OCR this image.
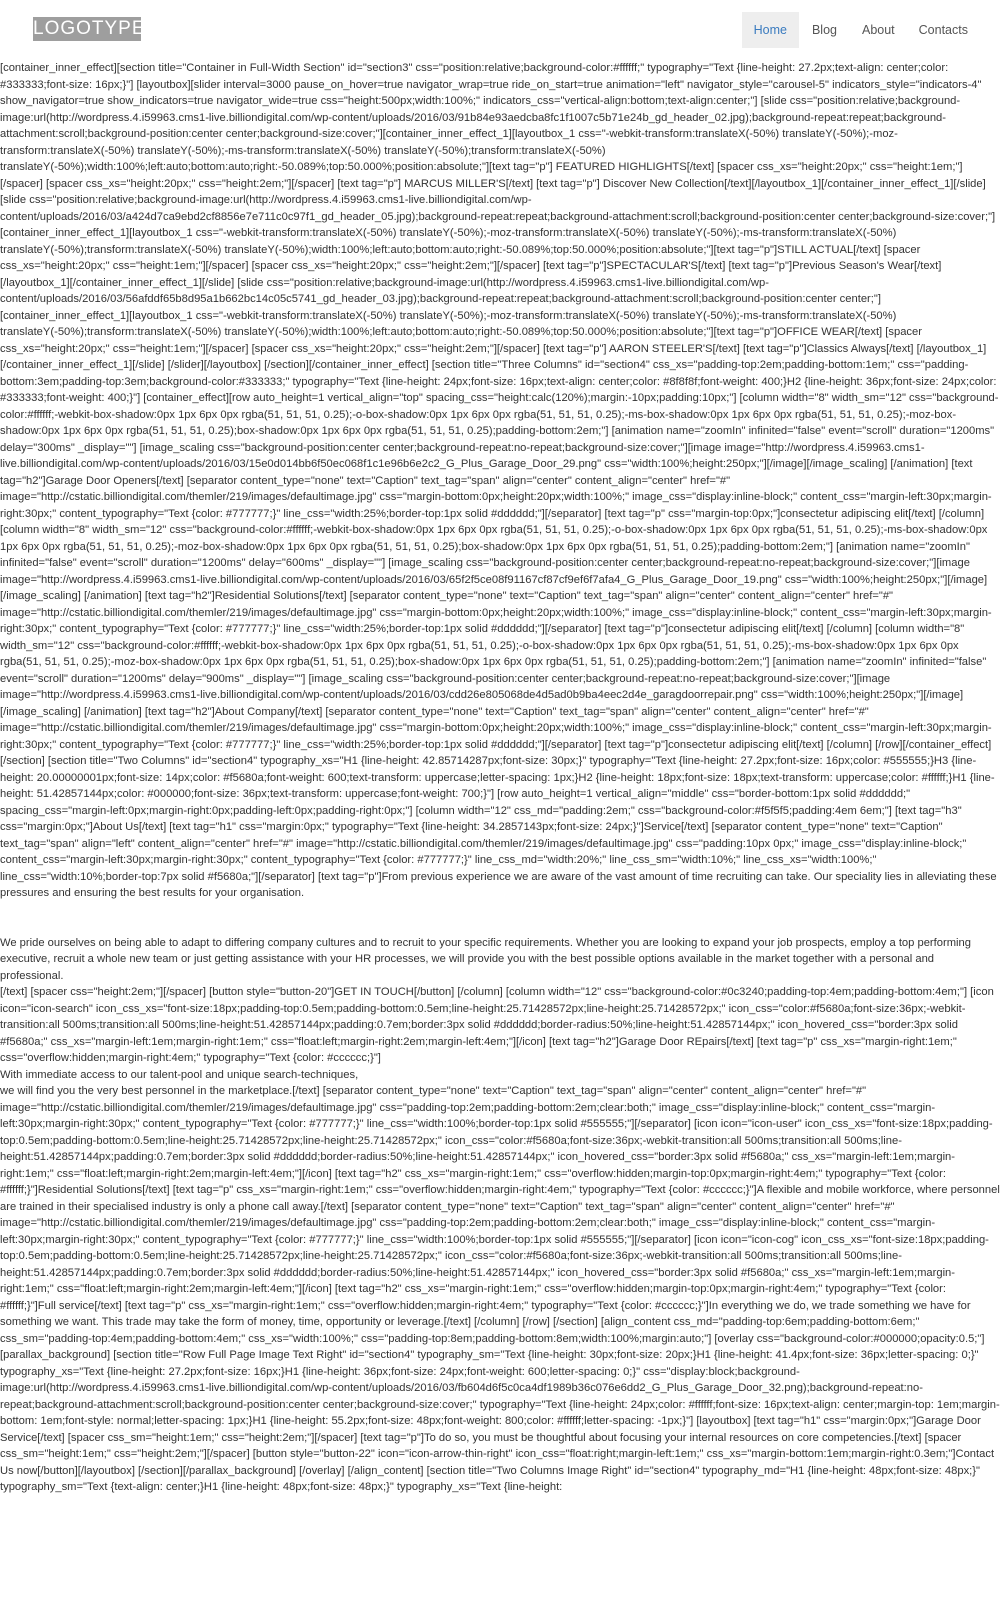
LOGOTYPE	Home	Blog	About	Contacts

[container_inner_effect][section title="Container in Full-Width Section" id="section3" css="position:relative;background-color:#ffffff;" typography="Text {line-height: 27.2px;text-align: center;color: #333333;font-size: 16px;}"] [layoutbox][slider interval=3000 pause_on_hover=true navigator_wrap=true ride_on_start=true animation="left" navigator_style="carousel-5" indicators_style="indicators-4" show_navigator=true show_indicators=true navigator_wide=true css="height:500px;width:100%;" indicators_css="vertical-align:bottom;text-align:center;"] [slide css="position:relative;background-image:url(http://wordpress.4.i59963.cms1-live.billiondigital.com/wp-content/uploads/2016/03/91b84e93aedcba8fc1f1007c5b71e24b_gd_header_02.jpg);background-repeat:repeat;background-attachment:scroll;background-position:center center;background-size:cover;"][container_inner_effect_1][layoutbox_1 css="-webkit-transform:translateX(-50%) translateY(-50%);-moz-transform:translateX(-50%) translateY(-50%);-ms-transform:translateX(-50%) translateY(-50%);transform:translateX(-50%) translateY(-50%);width:100%;left:auto;bottom:auto;right:-50.089%;top:50.000%;position:absolute;"][text tag="p"] FEATURED HIGHLIGHTS[/text] [spacer css_xs="height:20px;" css="height:1em;"][/spacer] [spacer css_xs="height:20px;" css="height:2em;"][/spacer] [text tag="p"] MARCUS MILLER'S[/text] [text tag="p"] Discover New Collection[/text][/layoutbox_1][/container_inner_effect_1][/slide] [slide css="position:relative;background-image:url(http://wordpress.4.i59963.cms1-live.billiondigital.com/wp-content/uploads/2016/03/a424d7ca9ebd2cf8856e7e711c0c97f1_gd_header_05.jpg);background-repeat:repeat;background-attachment:scroll;background-position:center center;background-size:cover;"][container_inner_effect_1][layoutbox_1 css="-webkit-transform:translateX(-50%) translateY(-50%);-moz-transform:translateX(-50%) translateY(-50%);-ms-transform:translateX(-50%) translateY(-50%);transform:translateX(-50%) translateY(-50%);width:100%;left:auto;bottom:auto;right:-50.089%;top:50.000%;position:absolute;"][text tag="p"]STILL ACTUAL[/text] [spacer css_xs="height:20px;" css="height:1em;"][/spacer] [spacer css_xs="height:20px;" css="height:2em;"][/spacer] [text tag="p"]SPECTACULAR'S[/text] [text tag="p"]Previous Season's Wear[/text][/layoutbox_1][/container_inner_effect_1][/slide] [slide css="position:relative;background-image:url(http://wordpress.4.i59963.cms1-live.billiondigital.com/wp-content/uploads/2016/03/56afddf65b8d95a1b662bc14c05c5741_gd_header_03.jpg);background-repeat:repeat;background-attachment:scroll;background-position:center center;"] [container_inner_effect_1][layoutbox_1 css="-webkit-transform:translateX(-50%) translateY(-50%);-moz-transform:translateX(-50%) translateY(-50%);-ms-transform:translateX(-50%) translateY(-50%);transform:translateX(-50%) translateY(-50%);width:100%;left:auto;bottom:auto;right:-50.089%;top:50.000%;position:absolute;"][text tag="p"]OFFICE WEAR[/text] [spacer css_xs="height:20px;" css="height:1em;"][/spacer] [spacer css_xs="height:20px;" css="height:2em;"][/spacer] [text tag="p"] AARON STEELER'S[/text] [text tag="p"]Classics Always[/text] [/layoutbox_1][/container_inner_effect_1][/slide] [/slider][/layoutbox] [/section][/container_inner_effect] [section title="Three Columns" id="section4" css_xs="padding-top:2em;padding-bottom:1em;" css="padding-bottom:3em;padding-top:3em;background-color:#333333;" typography="Text {line-height: 24px;font-size: 16px;text-align: center;color: #8f8f8f;font-weight: 400;}H2 {line-height: 36px;font-size: 24px;color: #333333;font-weight: 400;}"] [container_effect][row auto_height=1 vertical_align="top" spacing_css="height:calc(120%);margin:-10px;padding:10px;"] [column width="8" width_sm="12" css="background-color:#ffffff;-webkit-box-shadow:0px 1px 6px 0px rgba(51, 51, 51, 0.25);-o-box-shadow:0px 1px 6px 0px rgba(51, 51, 51, 0.25);-ms-box-shadow:0px 1px 6px 0px rgba(51, 51, 51, 0.25);-moz-box-shadow:0px 1px 6px 0px rgba(51, 51, 51, 0.25);box-shadow:0px 1px 6px 0px rgba(51, 51, 51, 0.25);padding-bottom:2em;"] [animation name="zoomIn" infinited="false" event="scroll" duration="1200ms" delay="300ms" _display=""] [image_scaling css="background-position:center center;background-repeat:no-repeat;background-size:cover;"][image image="http://wordpress.4.i59963.cms1-live.billiondigital.com/wp-content/uploads/2016/03/15e0d014bb6f50ec068f1c1e96b6e2c2_G_Plus_Garage_Door_29.png" css="width:100%;height:250px;"][/image][/image_scaling] [/animation] [text tag="h2"]Garage Door Openers[/text] [separator content_type="none" text="Caption" text_tag="span" align="center" content_align="center" href="#" image="http://cstatic.billiondigital.com/themler/219/images/defaultimage.jpg" css="margin-bottom:0px;height:20px;width:100%;" image_css="display:inline-block;" content_css="margin-left:30px;margin-right:30px;" content_typography="Text {color: #777777;}" line_css="width:25%;border-top:1px solid #dddddd;"][/separator] [text tag="p" css="margin-top:0px;"]consectetur adipiscing elit[/text] [/column] [column width="8" width_sm="12" css="background-color:#ffffff;-webkit-box-shadow:0px 1px 6px 0px rgba(51, 51, 51, 0.25);-o-box-shadow:0px 1px 6px 0px rgba(51, 51, 51, 0.25);-ms-box-shadow:0px 1px 6px 0px rgba(51, 51, 51, 0.25);-moz-box-shadow:0px 1px 6px 0px rgba(51, 51, 51, 0.25);box-shadow:0px 1px 6px 0px rgba(51, 51, 51, 0.25);padding-bottom:2em;"] [animation name="zoomIn" infinited="false" event="scroll" duration="1200ms" delay="600ms" _display=""] [image_scaling css="background-position:center center;background-repeat:no-repeat;background-size:cover;"][image image="http://wordpress.4.i59963.cms1-live.billiondigital.com/wp-content/uploads/2016/03/65f2f5ce08f91167cf87cf9ef6f7afa4_G_Plus_Garage_Door_19.png" css="width:100%;height:250px;"][/image][/image_scaling] [/animation] [text tag="h2"]Residential Solutions[/text] [separator content_type="none" text="Caption" text_tag="span" align="center" content_align="center" href="#" image="http://cstatic.billiondigital.com/themler/219/images/defaultimage.jpg" css="margin-bottom:0px;height:20px;width:100%;" image_css="display:inline-block;" content_css="margin-left:30px;margin-right:30px;" content_typography="Text {color: #777777;}" line_css="width:25%;border-top:1px solid #dddddd;"][/separator] [text tag="p"]consectetur adipiscing elit[/text] [/column] [column width="8" width_sm="12" css="background-color:#ffffff;-webkit-box-shadow:0px 1px 6px 0px rgba(51, 51, 51, 0.25);-o-box-shadow:0px 1px 6px 0px rgba(51, 51, 51, 0.25);-ms-box-shadow:0px 1px 6px 0px rgba(51, 51, 51, 0.25);-moz-box-shadow:0px 1px 6px 0px rgba(51, 51, 51, 0.25);box-shadow:0px 1px 6px 0px rgba(51, 51, 51, 0.25);padding-bottom:2em;"] [animation name="zoomIn" infinited="false" event="scroll" duration="1200ms" delay="900ms" _display=""] [image_scaling css="background-position:center center;background-repeat:no-repeat;background-size:cover;"][image image="http://wordpress.4.i59963.cms1-live.billiondigital.com/wp-content/uploads/2016/03/cdd26e805068de4d5ad0b9ba4eec2d4e_garagdoorrepair.png" css="width:100%;height:250px;"][/image][/image_scaling] [/animation] [text tag="h2"]About Company[/text] [separator content_type="none" text="Caption" text_tag="span" align="center" content_align="center" href="#" image="http://cstatic.billiondigital.com/themler/219/images/defaultimage.jpg" css="margin-bottom:0px;height:20px;width:100%;" image_css="display:inline-block;" content_css="margin-left:30px;margin-right:30px;" content_typography="Text {color: #777777;}" line_css="width:25%;border-top:1px solid #dddddd;"][/separator] [text tag="p"]consectetur adipiscing elit[/text] [/column] [/row][/container_effect] [/section] [section title="Two Columns" id="section4" typography_xs="H1 {line-height: 42.85714287px;font-size: 30px;}" typography="Text {line-height: 27.2px;font-size: 16px;color: #555555;}H3 {line-height: 20.00000001px;font-size: 14px;color: #f5680a;font-weight: 600;text-transform: uppercase;letter-spacing: 1px;}H2 {line-height: 18px;font-size: 18px;text-transform: uppercase;color: #ffffff;}H1 {line-height: 51.42857144px;color: #000000;font-size: 36px;text-transform: uppercase;font-weight: 700;}"] [row auto_height=1 vertical_align="middle" css="border-bottom:1px solid #dddddd;" spacing_css="margin-left:0px;margin-right:0px;padding-left:0px;padding-right:0px;"] [column width="12" css_md="padding:2em;" css="background-color:#f5f5f5;padding:4em 6em;"] [text tag="h3" css="margin:0px;"]About Us[/text] [text tag="h1" css="margin:0px;" typography="Text {line-height: 34.2857143px;font-size: 24px;}"]Service[/text] [separator content_type="none" text="Caption" text_tag="span" align="left" content_align="center" href="#" image="http://cstatic.billiondigital.com/themler/219/images/defaultimage.jpg" css="padding:10px 0px;" image_css="display:inline-block;" content_css="margin-left:30px;margin-right:30px;" content_typography="Text {color: #777777;}" line_css_md="width:20%;" line_css_sm="width:10%;" line_css_xs="width:100%;" line_css="width:10%;border-top:7px solid #f5680a;"][/separator] [text tag="p"]From previous experience we are aware of the vast amount of time recruiting can take. Our speciality lies in alleviating these pressures and ensuring the best results for your organisation.

We pride ourselves on being able to adapt to differing company cultures and to recruit to your specific requirements. Whether you are looking to expand your job prospects, employ a top performing executive, recruit a whole new team or just getting assistance with your HR processes, we will provide you with the best possible options available in the market together with a personal and professional.
[/text] [spacer css="height:2em;"][/spacer] [button style="button-20"]GET IN TOUCH[/button] [/column] [column width="12" css="background-color:#0c3240;padding-top:4em;padding-bottom:4em;"] [icon icon="icon-search" icon_css_xs="font-size:18px;padding-top:0.5em;padding-bottom:0.5em;line-height:25.71428572px;line-height:25.71428572px;" icon_css="color:#f5680a;font-size:36px;-webkit-transition:all 500ms;transition:all 500ms;line-height:51.42857144px;padding:0.7em;border:3px solid #dddddd;border-radius:50%;line-height:51.42857144px;" icon_hovered_css="border:3px solid #f5680a;" css_xs="margin-left:1em;margin-right:1em;" css="float:left;margin-right:2em;margin-left:4em;"][/icon] [text tag="h2"]Garage Door REpairs[/text] [text tag="p" css_xs="margin-right:1em;" css="overflow:hidden;margin-right:4em;" typography="Text {color: #cccccc;}"]
With immediate access to our talent-pool and unique search-techniques,
we will find you the very best personnel in the marketplace.[/text] [separator content_type="none" text="Caption" text_tag="span" align="center" content_align="center" href="#" image="http://cstatic.billiondigital.com/themler/219/images/defaultimage.jpg" css="padding-top:2em;padding-bottom:2em;clear:both;" image_css="display:inline-block;" content_css="margin-left:30px;margin-right:30px;" content_typography="Text {color: #777777;}" line_css="width:100%;border-top:1px solid #555555;"][/separator] [icon icon="icon-user" icon_css_xs="font-size:18px;padding-top:0.5em;padding-bottom:0.5em;line-height:25.71428572px;line-height:25.71428572px;" icon_css="color:#f5680a;font-size:36px;-webkit-transition:all 500ms;transition:all 500ms;line-height:51.42857144px;padding:0.7em;border:3px solid #dddddd;border-radius:50%;line-height:51.42857144px;" icon_hovered_css="border:3px solid #f5680a;" css_xs="margin-left:1em;margin-right:1em;" css="float:left;margin-right:2em;margin-left:4em;"][/icon] [text tag="h2" css_xs="margin-right:1em;" css="overflow:hidden;margin-top:0px;margin-right:4em;" typography="Text {color: #ffffff;}"]Residential Solutions[/text] [text tag="p" css_xs="margin-right:1em;" css="overflow:hidden;margin-right:4em;" typography="Text {color: #cccccc;}"]A flexible and mobile workforce, where personnel are trained in their specialised industry is only a phone call away.[/text] [separator content_type="none" text="Caption" text_tag="span" align="center" content_align="center" href="#" image="http://cstatic.billiondigital.com/themler/219/images/defaultimage.jpg" css="padding-top:2em;padding-bottom:2em;clear:both;" image_css="display:inline-block;" content_css="margin-left:30px;margin-right:30px;" content_typography="Text {color: #777777;}" line_css="width:100%;border-top:1px solid #555555;"][/separator] [icon icon="icon-cog" icon_css_xs="font-size:18px;padding-top:0.5em;padding-bottom:0.5em;line-height:25.71428572px;line-height:25.71428572px;" icon_css="color:#f5680a;font-size:36px;-webkit-transition:all 500ms;transition:all 500ms;line-height:51.42857144px;padding:0.7em;border:3px solid #dddddd;border-radius:50%;line-height:51.42857144px;" icon_hovered_css="border:3px solid #f5680a;" css_xs="margin-left:1em;margin-right:1em;" css="float:left;margin-right:2em;margin-left:4em;"][/icon] [text tag="h2" css_xs="margin-right:1em;" css="overflow:hidden;margin-top:0px;margin-right:4em;" typography="Text {color: #ffffff;}"]Full service[/text] [text tag="p" css_xs="margin-right:1em;" css="overflow:hidden;margin-right:4em;" typography="Text {color: #cccccc;}"]In everything we do, we trade something we have for something we want. This trade may take the form of money, time, opportunity or leverage.[/text] [/column] [/row] [/section] [align_content css_md="padding-top:6em;padding-bottom:6em;" css_sm="padding-top:4em;padding-bottom:4em;" css_xs="width:100%;" css="padding-top:8em;padding-bottom:8em;width:100%;margin:auto;"] [overlay css="background-color:#000000;opacity:0.5;"] [parallax_background] [section title="Row Full Page Image Text Right" id="section4" typography_sm="Text {line-height: 30px;font-size: 20px;}H1 {line-height: 41.4px;font-size: 36px;letter-spacing: 0;}" typography_xs="Text {line-height: 27.2px;font-size: 16px;}H1 {line-height: 36px;font-size: 24px;font-weight: 600;letter-spacing: 0;}" css="display:block;background-image:url(http://wordpress.4.i59963.cms1-live.billiondigital.com/wp-content/uploads/2016/03/fb604d6f5c0ca4df1989b36c076e6dd2_G_Plus_Garage_Door_32.png);background-repeat:no-repeat;background-attachment:scroll;background-position:center center;background-size:cover;" typography="Text {line-height: 24px;color: #ffffff;font-size: 16px;text-align: center;margin-top: 1em;margin-bottom: 1em;font-style: normal;letter-spacing: 1px;}H1 {line-height: 55.2px;font-size: 48px;font-weight: 800;color: #ffffff;letter-spacing: -1px;}"] [layoutbox] [text tag="h1" css="margin:0px;"]Garage Door Service[/text] [spacer css_sm="height:1em;" css="height:2em;"][/spacer] [text tag="p"]To do so, you must be thoughtful about focusing your internal resources on core competencies.[/text] [spacer css_sm="height:1em;" css="height:2em;"][/spacer] [button style="button-22" icon="icon-arrow-thin-right" icon_css="float:right;margin-left:1em;" css_xs="margin-bottom:1em;margin-right:0.3em;"]Contact Us now[/button][/layoutbox] [/section][/parallax_background] [/overlay] [/align_content] [section title="Two Columns Image Right" id="section4" typography_md="H1 {line-height: 48px;font-size: 48px;}" typography_sm="Text {text-align: center;}H1 {line-height: 48px;font-size: 48px;}" typography_xs="Text {line-height:
